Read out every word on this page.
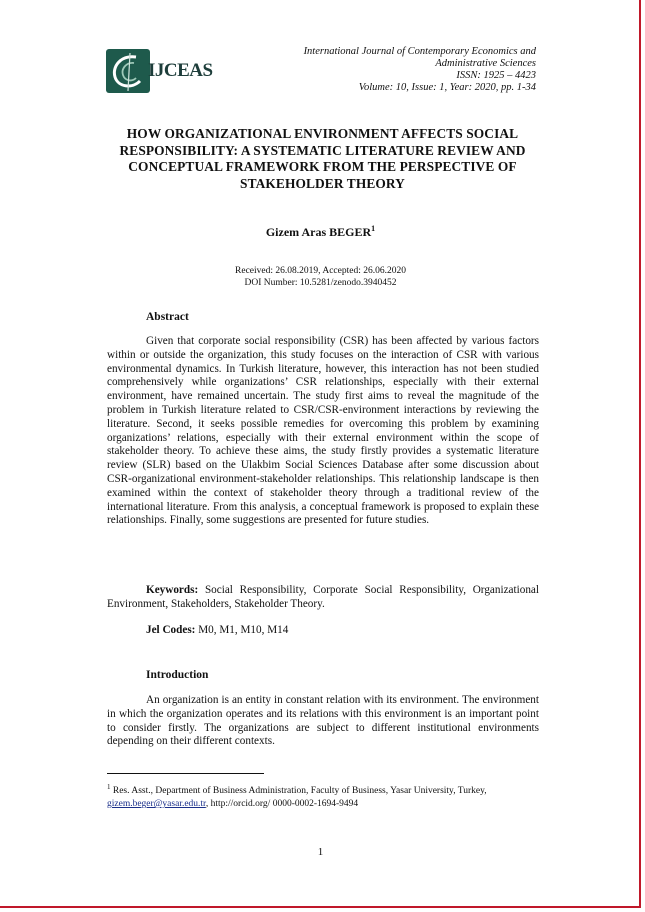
IJCEAS
International Journal of Contemporary Economics and
Administrative Sciences
ISSN: 1925 – 4423
Volume: 10, Issue: 1, Year: 2020, pp. 1-34
HOW ORGANIZATIONAL ENVIRONMENT AFFECTS SOCIAL RESPONSIBILITY: A SYSTEMATIC LITERATURE REVIEW AND CONCEPTUAL FRAMEWORK FROM THE PERSPECTIVE OF STAKEHOLDER THEORY
Gizem Aras BEGER$^1$
Received: 26.08.2019, Accepted: 26.06.2020
DOI Number: 10.5281/zenodo.3940452
Abstract
Given that corporate social responsibility (CSR) has been affected by various factors within or outside the organization, this study focuses on the interaction of CSR with various environmental dynamics. In Turkish literature, however, this interaction has not been studied comprehensively while organizations’ CSR relationships, especially with their external environment, have remained uncertain. The study first aims to reveal the magnitude of the problem in Turkish literature related to CSR/CSR-environment interactions by reviewing the literature. Second, it seeks possible remedies for overcoming this problem by examining organizations’ relations, especially with their external environment within the scope of stakeholder theory. To achieve these aims, the study firstly provides a systematic literature review (SLR) based on the Ulakbim Social Sciences Database after some discussion about CSR-organizational environment-stakeholder relationships. This relationship landscape is then examined within the context of stakeholder theory through a traditional review of the international literature. From this analysis, a conceptual framework is proposed to explain these relationships. Finally, some suggestions are presented for future studies.
Keywords: Social Responsibility, Corporate Social Responsibility, Organizational Environment, Stakeholders, Stakeholder Theory.
Jel Codes: M0, M1, M10, M14
Introduction
An organization is an entity in constant relation with its environment. The environment in which the organization operates and its relations with this environment is an important point to consider firstly. The organizations are subject to different institutional environments depending on their different contexts.
$^1$ Res. Asst., Department of Business Administration, Faculty of Business, Yasar University, Turkey, gizem.beger@yasar.edu.tr, http://orcid.org/ 0000-0002-1694-9494
1
